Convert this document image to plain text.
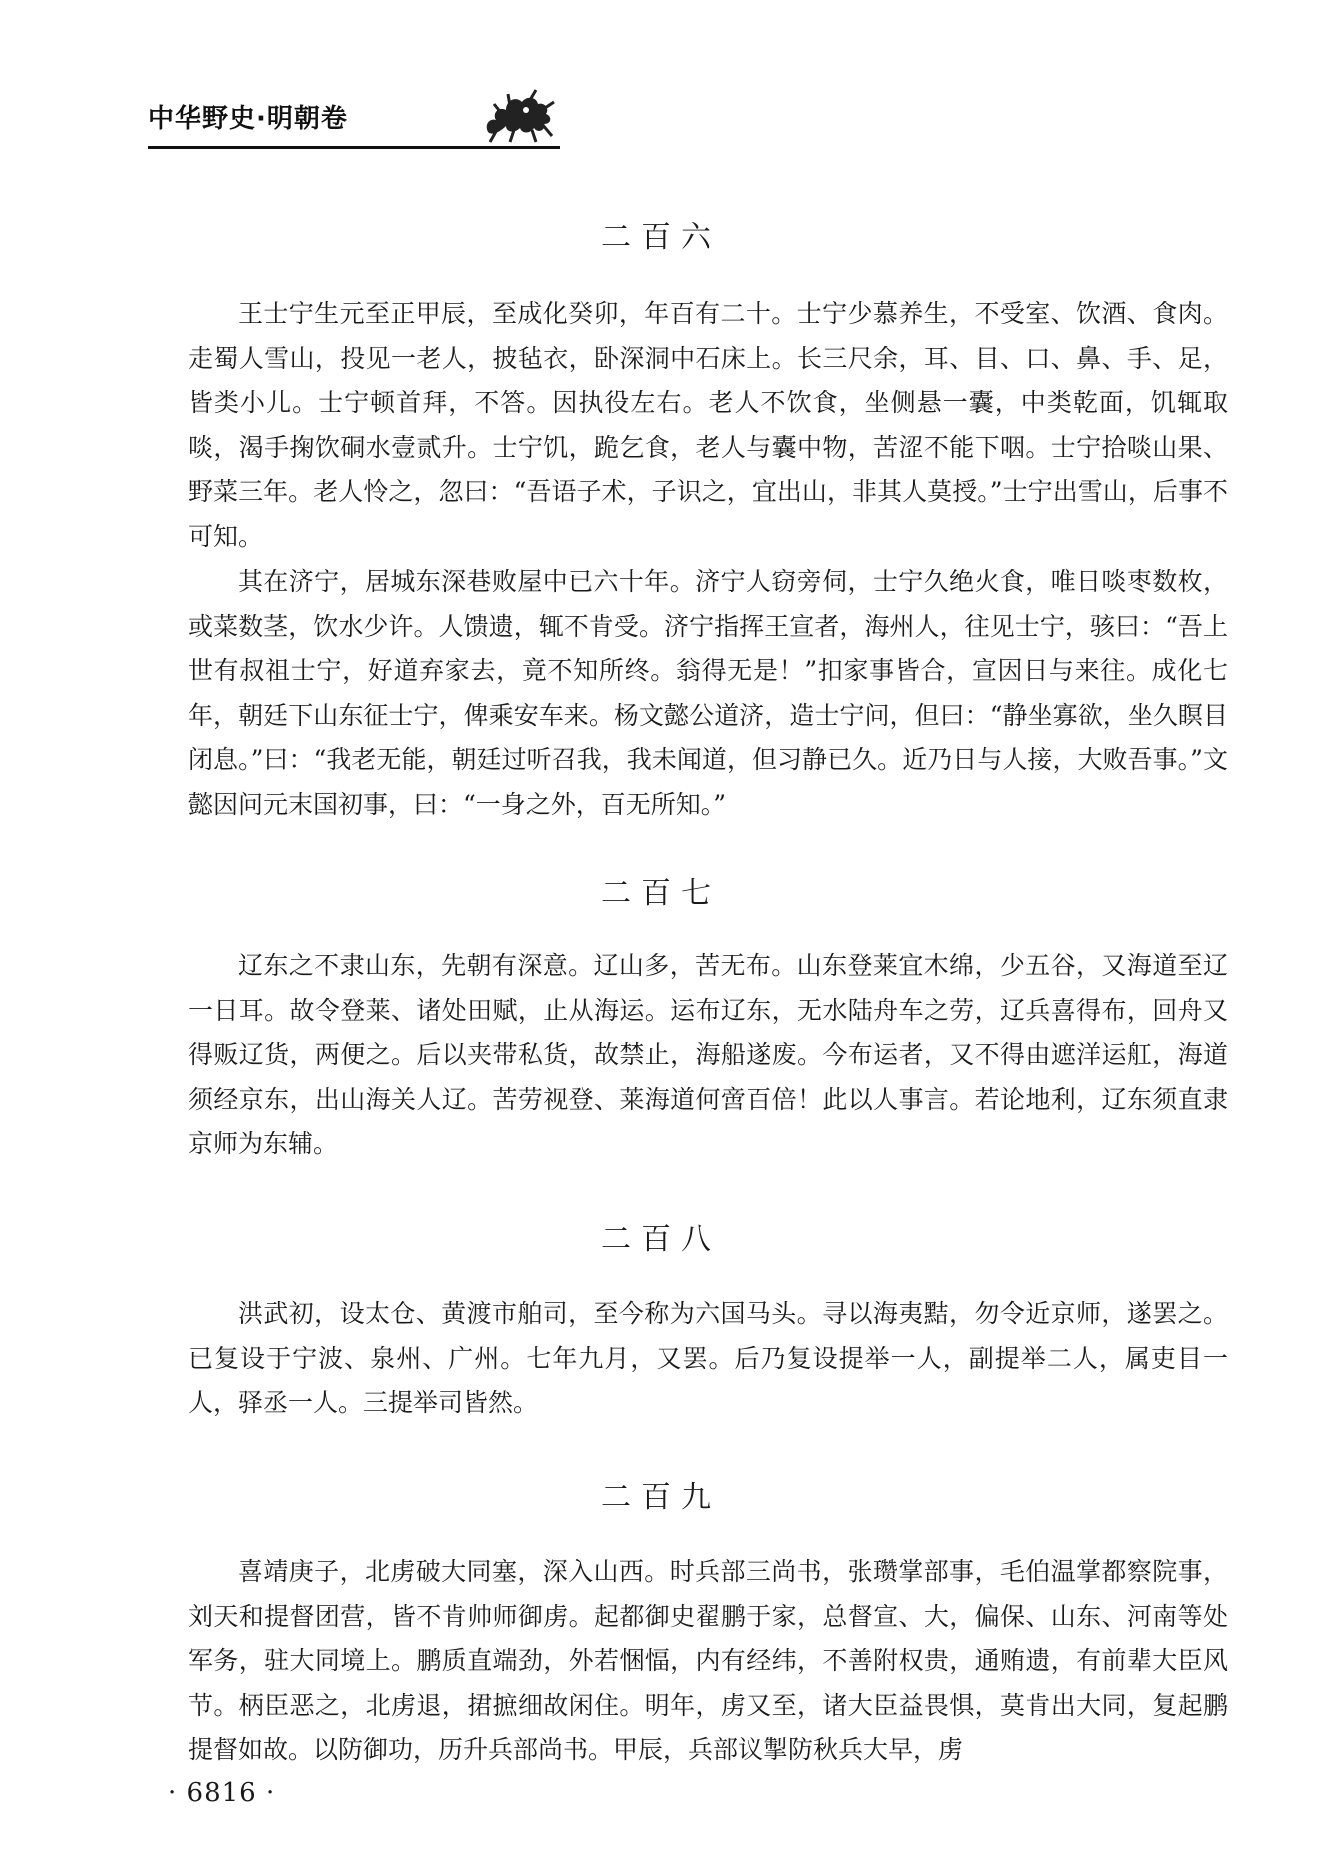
中华野史·明朝卷
二百六

王士宁生元至正甲辰，至成化癸卯，年百有二十。士宁少慕养生，不受室、饮酒、食肉。走蜀人雪山，投见一老人，披毡衣，卧深洞中石床上。长三尺余，耳、目、口、鼻、手、足，皆类小儿。士宁顿首拜，不答。因执役左右。老人不饮食，坐侧悬一囊，中类乾面，饥辄取啖，渴手掬饮硐水壹贰升。士宁饥，跪乞食，老人与囊中物，苦涩不能下咽。士宁拾啖山果、野菜三年。老人怜之，忽曰：“吾语子术，子识之，宜出山，非其人莫授。”士宁出雪山，后事不可知。

其在济宁，居城东深巷败屋中已六十年。济宁人窃旁伺，士宁久绝火食，唯日啖枣数枚，或菜数茎，饮水少许。人馈遗，辄不肯受。济宁指挥王宣者，海州人，往见士宁，骇曰：“吾上世有叔祖士宁，好道弃家去，竟不知所终。翁得无是！”扣家事皆合，宣因日与来往。成化七年，朝廷下山东征士宁，俾乘安车来。杨文懿公道济，造士宁问，但曰：“静坐寡欲，坐久瞑目闭息。”曰：“我老无能，朝廷过听召我，我未闻道，但习静已久。近乃日与人接，大败吾事。”文懿因问元末国初事，曰：“一身之外，百无所知。”

二百七

辽东之不隶山东，先朝有深意。辽山多，苦无布。山东登莱宜木绵，少五谷，又海道至辽一日耳。故令登莱、诸处田赋，止从海运。运布辽东，无水陆舟车之劳，辽兵喜得布，回舟又得贩辽货，两便之。后以夹带私货，故禁止，海船遂废。今布运者，又不得由遮洋运舡，海道须经京东，出山海关人辽。苦劳视登、莱海道何啻百倍！此以人事言。若论地利，辽东须直隶京师为东辅。

二百八

洪武初，设太仓、黄渡市舶司，至今称为六国马头。寻以海夷黠，勿令近京师，遂罢之。已复设于宁波、泉州、广州。七年九月，又罢。后乃复设提举一人，副提举二人，属吏目一人，驿丞一人。三提举司皆然。

二百九

喜靖庚子，北虏破大同塞，深入山西。时兵部三尚书，张瓒掌部事，毛伯温掌都察院事，刘天和提督团营，皆不肯帅师御虏。起都御史翟鹏于家，总督宣、大，偏保、山东、河南等处军务，驻大同境上。鹏质直端劲，外若悃愊，内有经纬，不善附权贵，通贿遗，有前辈大臣风节。柄臣恶之，北虏退，捃摭细故闲住。明年，虏又至，诸大臣益畏惧，莫肯出大同，复起鹏提督如故。以防御功，历升兵部尚书。甲辰，兵部议掣防秋兵大早，虏

· 6816 ·
